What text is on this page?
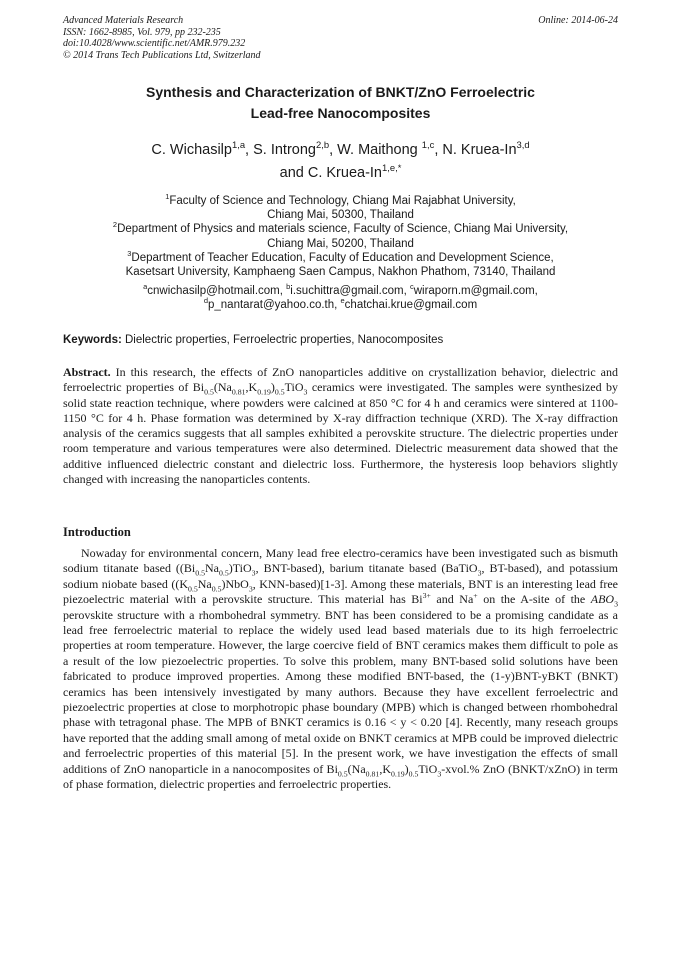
Advanced Materials Research
ISSN: 1662-8985, Vol. 979, pp 232-235
doi:10.4028/www.scientific.net/AMR.979.232
© 2014 Trans Tech Publications Ltd, Switzerland
Online: 2014-06-24
Synthesis and Characterization of BNKT/ZnO Ferroelectric
Lead-free Nanocomposites
C. Wichasilp$^{1,a}$, S. Introng$^{2,b}$, W. Maithong $^{1,c}$, N. Kruea-In$^{3,d}$
and C. Kruea-$In^{1,e,*}$
$^1$Faculty of Science and Technology, Chiang Mai Rajabhat University,
Chiang Mai, 50300, Thailand
$^2$Department of Physics and materials science, Faculty of Science, Chiang Mai University,
Chiang Mai, 50200, Thailand
$^3$Department of Teacher Education, Faculty of Education and Development Science,
Kasetsart University, Kamphaeng Saen Campus, Nakhon Phathom, 73140, Thailand
$^a$cnwichasilp@hotmail.com, $^b$i.suchittra@gmail.com, $^c$wiraporn.m@gmail.com,
$^d$p_nantarat@yahoo.co.th, $^e$chatchai.krue@gmail.com
Keywords: Dielectric properties, Ferroelectric properties, Nanocomposites
Abstract. In this research, the effects of ZnO nanoparticles additive on crystallization behavior, dielectric and ferroelectric properties of $Bi_{0.5}(Na_{0.81},K_{0.19})_{0.5}TiO_3$ ceramics were investigated. The samples were synthesized by solid state reaction technique, where powders were calcined at 850 °C for 4 h and ceramics were sintered at 1100-1150 °C for 4 h. Phase formation was determined by X-ray diffraction technique (XRD). The X-ray diffraction analysis of the ceramics suggests that all samples exhibited a perovskite structure. The dielectric properties under room temperature and various temperatures were also determined. Dielectric measurement data showed that the additive influenced dielectric constant and dielectric loss. Furthermore, the hysteresis loop behaviors slightly changed with increasing the nanoparticles contents.
Introduction
Nowaday for environmental concern, Many lead free electro-ceramics have been investigated such as bismuth sodium titanate based ($(Bi_{0.5}Na_{0.5})TiO_3$, BNT-based), barium titanate based (BaTiO$_3$, BT-based), and potassium sodium niobate based ($(K_{0.5}Na_{0.5})NbO_3$, KNN-based)[1-3]. Among these materials, BNT is an interesting lead free piezoelectric material with a perovskite structure. This material has $Bi^{3+}$ and Na+ on the A-site of the $ABO_3$ perovskite structure with a rhombohedral symmetry. BNT has been considered to be a promising candidate as a lead free ferroelectric material to replace the widely used lead based materials due to its high ferroelectric properties at room temperature. However, the large coercive field of BNT ceramics makes them difficult to pole as a result of the low piezoelectric properties. To solve this problem, many BNT-based solid solutions have been fabricated to produce improved properties. Among these modified BNT-based, the (1-y)BNT-yBKT (BNKT) ceramics has been intensively investigated by many authors. Because they have excellent ferroelectric and piezoelectric properties at close to morphotropic phase boundary (MPB) which is changed between rhombohedral phase with tetragonal phase. The MPB of BNKT ceramics is 0.16 < y < 0.20 [4]. Recently, many reseach groups have reported that the adding small among of metal oxide on BNKT ceramics at MPB could be improved dielectric and ferroelectric properties of this material [5]. In the present work, we have investigation the effects of small additions of ZnO nanoparticle in a nanocomposites of $Bi_{0.5}(Na_{0.81},K_{0.19})_{0.5}TiO_3-xvol.\%$ ZnO (BNKT/xZnO) in term of phase formation, dielectric properties and ferroelectric properties.
